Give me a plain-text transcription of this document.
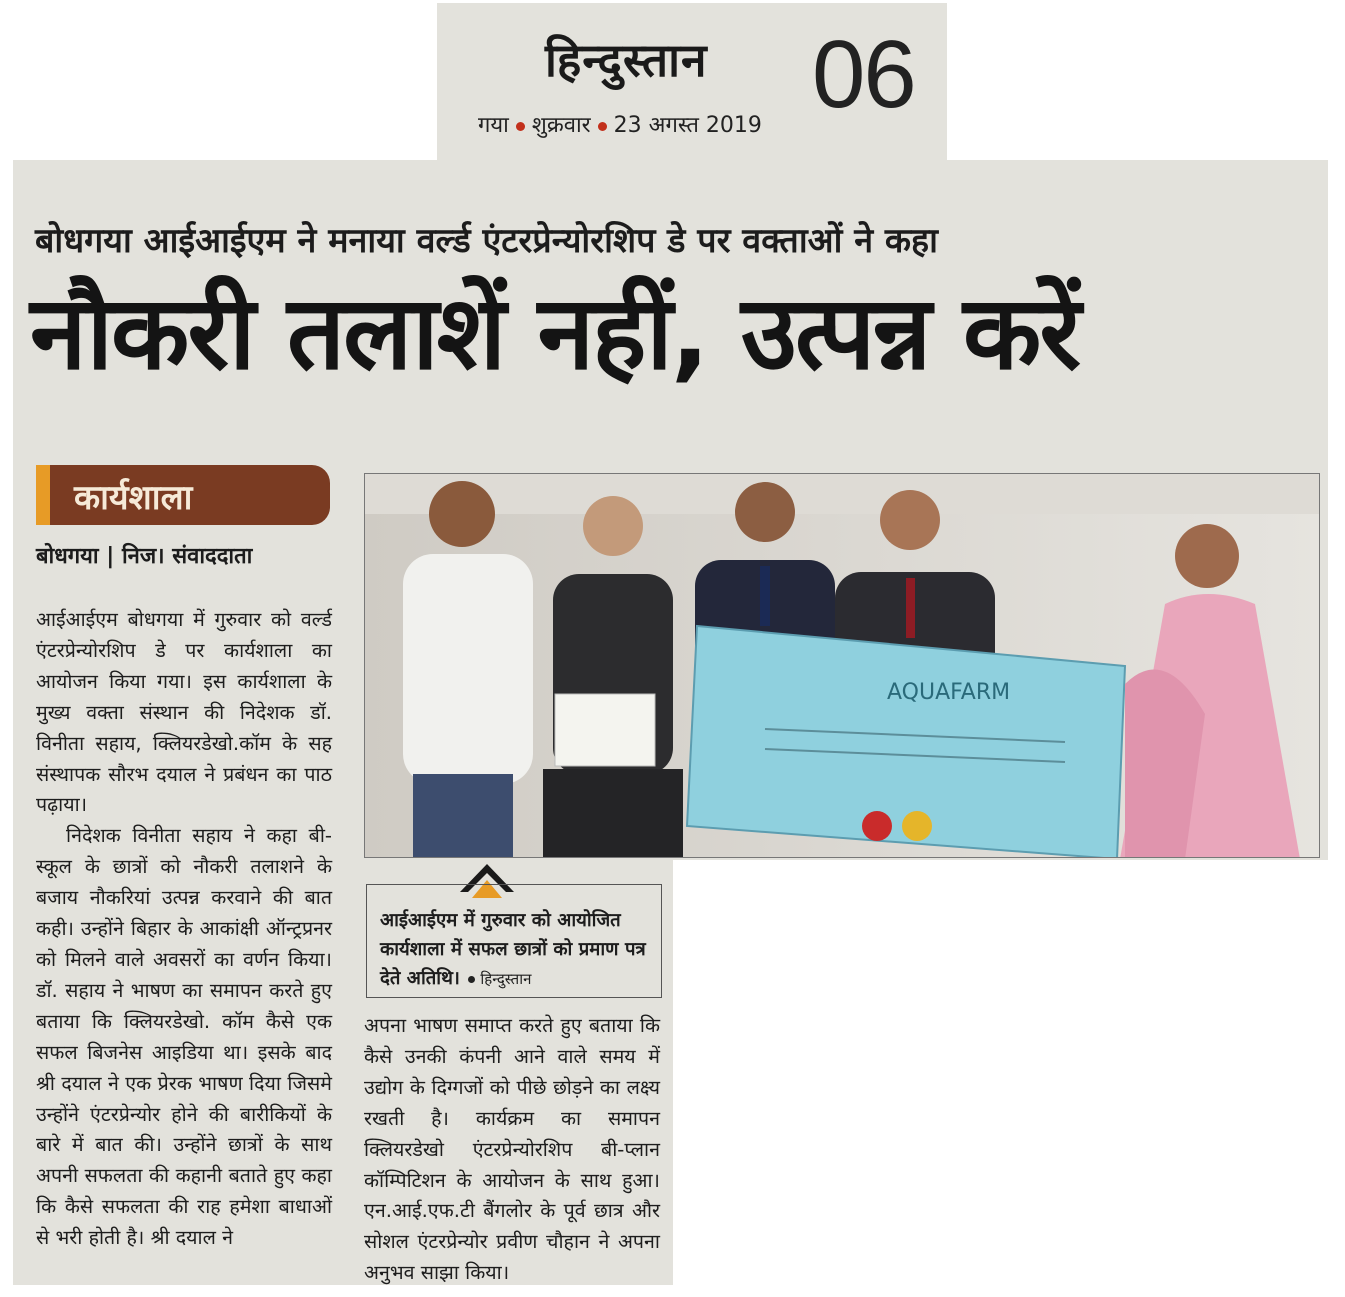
हिन्दुस्तान 06
गया शुक्रवार 23 अगस्त 2019
बोधगया आईआईएम ने मनाया वर्ल्ड एंटरप्रेन्योरशिप डे पर वक्ताओं ने कहा
नौकरी तलाशें नहीं, उत्पन्न करें
कार्यशाला
बोधगया | निज। संवाददाता

आईआईएम बोधगया में गुरुवार को वर्ल्ड एंटरप्रेन्योरशिप डे पर कार्यशाला का आयोजन किया गया। इस कार्यशाला के मुख्य वक्ता संस्थान की निदेशक डॉ. विनीता सहाय, क्लियरडेखो.कॉम के सह संस्थापक सौरभ दयाल ने प्रबंधन का पाठ पढ़ाया।

निदेशक विनीता सहाय ने कहा बी-स्कूल के छात्रों को नौकरी तलाशने के बजाय नौकरियां उत्पन्न करवाने की बात कही। उन्होंने बिहार के आकांक्षी ऑन्ट्रप्रनर को मिलने वाले अवसरों का वर्णन किया। डॉ. सहाय ने भाषण का समापन करते हुए बताया कि क्लियरडेखो. कॉम कैसे एक सफल बिजनेस आइडिया था। इसके बाद श्री दयाल ने एक प्रेरक भाषण दिया जिसमे उन्होंने एंटरप्रेन्योर होने की बारीकियों के बारे में बात की। उन्होंने छात्रों के साथ अपनी सफलता की कहानी बताते हुए कहा कि कैसे सफलता की राह हमेशा बाधाओं से भरी होती है। श्री दयाल ने

AQUAFARM
आईआईएम में गुरुवार को आयोजित कार्यशाला में सफल छात्रों को प्रमाण पत्र देते अतिथि। हिन्दुस्तान

अपना भाषण समाप्त करते हुए बताया कि कैसे उनकी कंपनी आने वाले समय में उद्योग के दिग्गजों को पीछे छोड़ने का लक्ष्य रखती है। कार्यक्रम का समापन क्लियरडेखो एंटरप्रेन्योरशिप बी-प्लान कॉम्पिटिशन के आयोजन के साथ हुआ। एन.आई.एफ.टी बैंगलोर के पूर्व छात्र और सोशल एंटरप्रेन्योर प्रवीण चौहान ने अपना अनुभव साझा किया।
